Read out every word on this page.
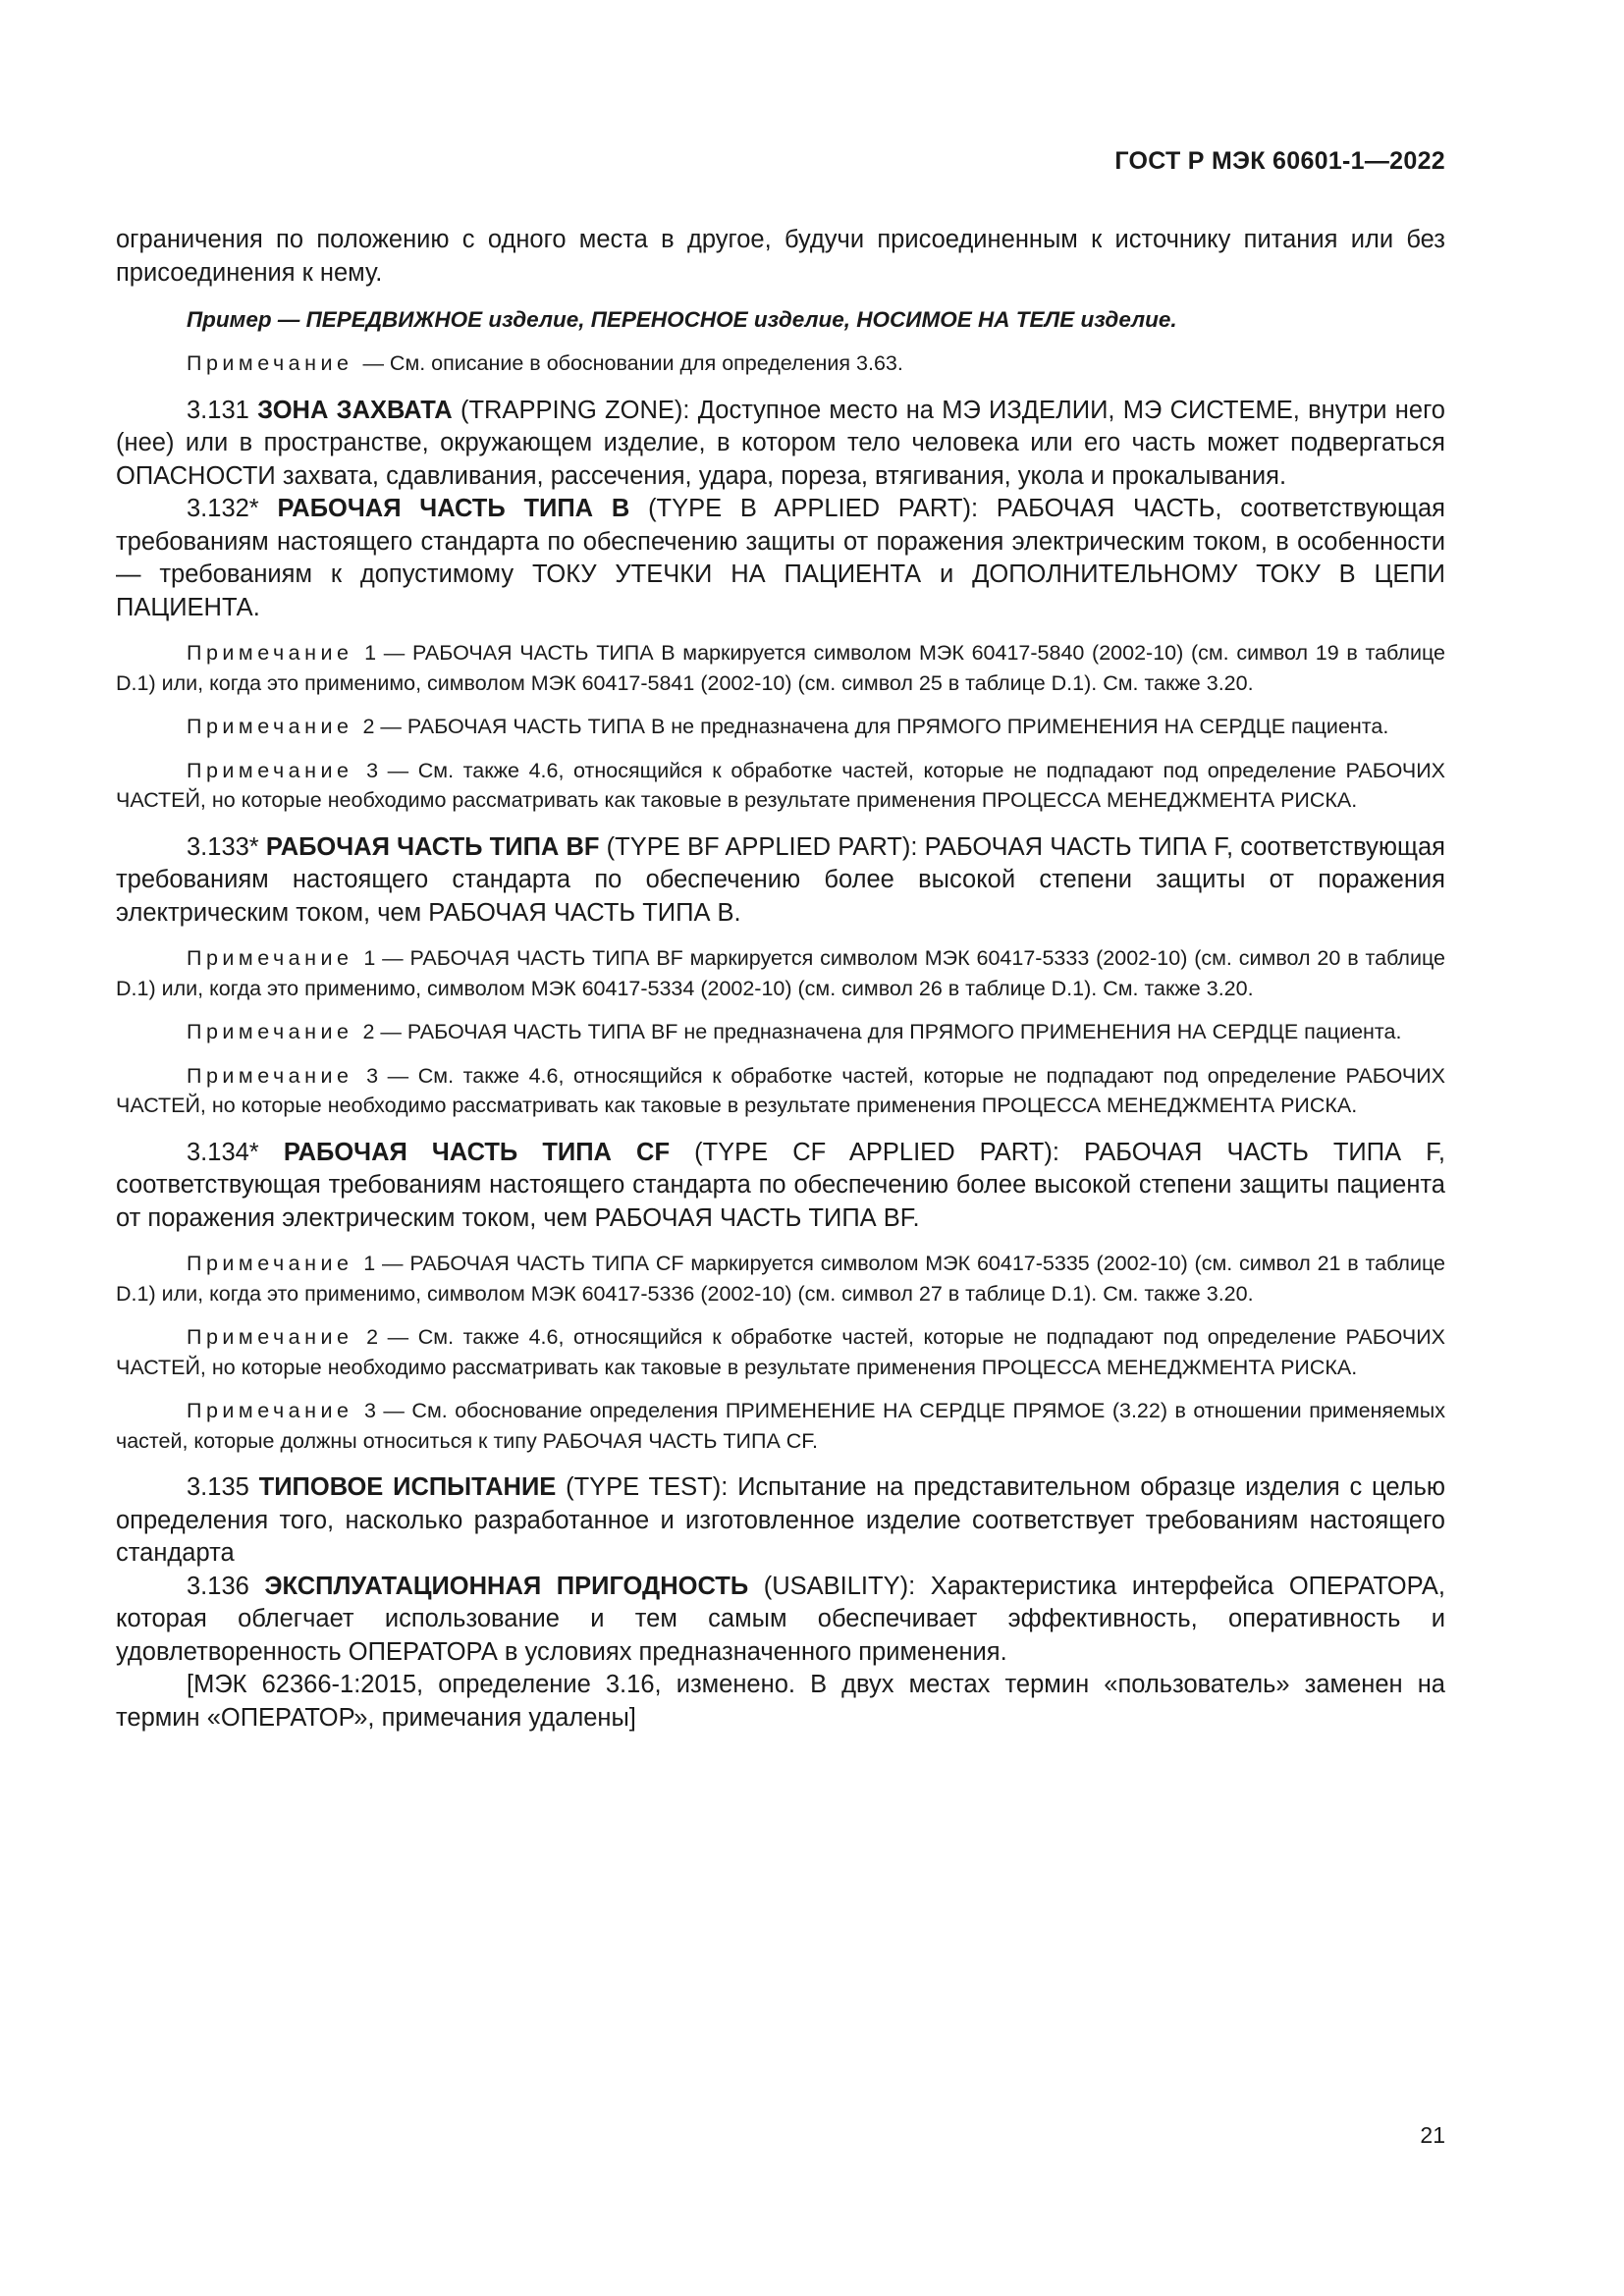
ГОСТ Р МЭК 60601-1—2022

ограничения по положению с одного места в другое, будучи присоединенным к источнику питания или без присоединения к нему.

Пример — ПЕРЕДВИЖНОЕ изделие, ПЕРЕНОСНОЕ изделие, НОСИМОЕ НА ТЕЛЕ изделие.

Примечание — См. описание в обосновании для определения 3.63.

3.131 ЗОНА ЗАХВАТА (TRAPPING ZONE): Доступное место на МЭ ИЗДЕЛИИ, МЭ СИСТЕМЕ, внутри него (нее) или в пространстве, окружающем изделие, в котором тело человека или его часть может подвергаться ОПАСНОСТИ захвата, сдавливания, рассечения, удара, пореза, втягивания, укола и прокалывания.

3.132* РАБОЧАЯ ЧАСТЬ ТИПА В (TYPE B APPLIED PART): РАБОЧАЯ ЧАСТЬ, соответствующая требованиям настоящего стандарта по обеспечению защиты от поражения электрическим током, в особенности — требованиям к допустимому ТОКУ УТЕЧКИ НА ПАЦИЕНТА и ДОПОЛНИТЕЛЬНОМУ ТОКУ В ЦЕПИ ПАЦИЕНТА.

Примечание 1 — РАБОЧАЯ ЧАСТЬ ТИПА В маркируется символом МЭК 60417-5840 (2002-10) (см. символ 19 в таблице D.1) или, когда это применимо, символом МЭК 60417-5841 (2002-10) (см. символ 25 в таблице D.1). См. также 3.20.

Примечание 2 — РАБОЧАЯ ЧАСТЬ ТИПА В не предназначена для ПРЯМОГО ПРИМЕНЕНИЯ НА СЕРДЦЕ пациента.

Примечание 3 — См. также 4.6, относящийся к обработке частей, которые не подпадают под определение РАБОЧИХ ЧАСТЕЙ, но которые необходимо рассматривать как таковые в результате применения ПРОЦЕССА МЕНЕДЖМЕНТА РИСКА.

3.133* РАБОЧАЯ ЧАСТЬ ТИПА BF (TYPE BF APPLIED PART): РАБОЧАЯ ЧАСТЬ ТИПА F, соответствующая требованиям настоящего стандарта по обеспечению более высокой степени защиты от поражения электрическим током, чем РАБОЧАЯ ЧАСТЬ ТИПА В.

Примечание 1 — РАБОЧАЯ ЧАСТЬ ТИПА BF маркируется символом МЭК 60417-5333 (2002-10) (см. символ 20 в таблице D.1) или, когда это применимо, символом МЭК 60417-5334 (2002-10) (см. символ 26 в таблице D.1). См. также 3.20.

Примечание 2 — РАБОЧАЯ ЧАСТЬ ТИПА BF не предназначена для ПРЯМОГО ПРИМЕНЕНИЯ НА СЕРДЦЕ пациента.

Примечание 3 — См. также 4.6, относящийся к обработке частей, которые не подпадают под определение РАБОЧИХ ЧАСТЕЙ, но которые необходимо рассматривать как таковые в результате применения ПРОЦЕССА МЕНЕДЖМЕНТА РИСКА.

3.134* РАБОЧАЯ ЧАСТЬ ТИПА CF (TYPE CF APPLIED PART): РАБОЧАЯ ЧАСТЬ ТИПА F, соответствующая требованиям настоящего стандарта по обеспечению более высокой степени защиты пациента от поражения электрическим током, чем РАБОЧАЯ ЧАСТЬ ТИПА BF.

Примечание 1 — РАБОЧАЯ ЧАСТЬ ТИПА CF маркируется символом МЭК 60417-5335 (2002-10) (см. символ 21 в таблице D.1) или, когда это применимо, символом МЭК 60417-5336 (2002-10) (см. символ 27 в таблице D.1). См. также 3.20.

Примечание 2 — См. также 4.6, относящийся к обработке частей, которые не подпадают под определение РАБОЧИХ ЧАСТЕЙ, но которые необходимо рассматривать как таковые в результате применения ПРОЦЕССА МЕНЕДЖМЕНТА РИСКА.

Примечание 3 — См. обоснование определения ПРИМЕНЕНИЕ НА СЕРДЦЕ ПРЯМОЕ (3.22) в отношении применяемых частей, которые должны относиться к типу РАБОЧАЯ ЧАСТЬ ТИПА CF.

3.135 ТИПОВОЕ ИСПЫТАНИЕ (TYPE TEST): Испытание на представительном образце изделия с целью определения того, насколько разработанное и изготовленное изделие соответствует требованиям настоящего стандарта

3.136 ЭКСПЛУАТАЦИОННАЯ ПРИГОДНОСТЬ (USABILITY): Характеристика интерфейса ОПЕРАТОРА, которая облегчает использование и тем самым обеспечивает эффективность, оперативность и удовлетворенность ОПЕРАТОРА в условиях предназначенного применения.

[МЭК 62366-1:2015, определение 3.16, изменено. В двух местах термин «пользователь» заменен на термин «ОПЕРАТОР», примечания удалены]

21
